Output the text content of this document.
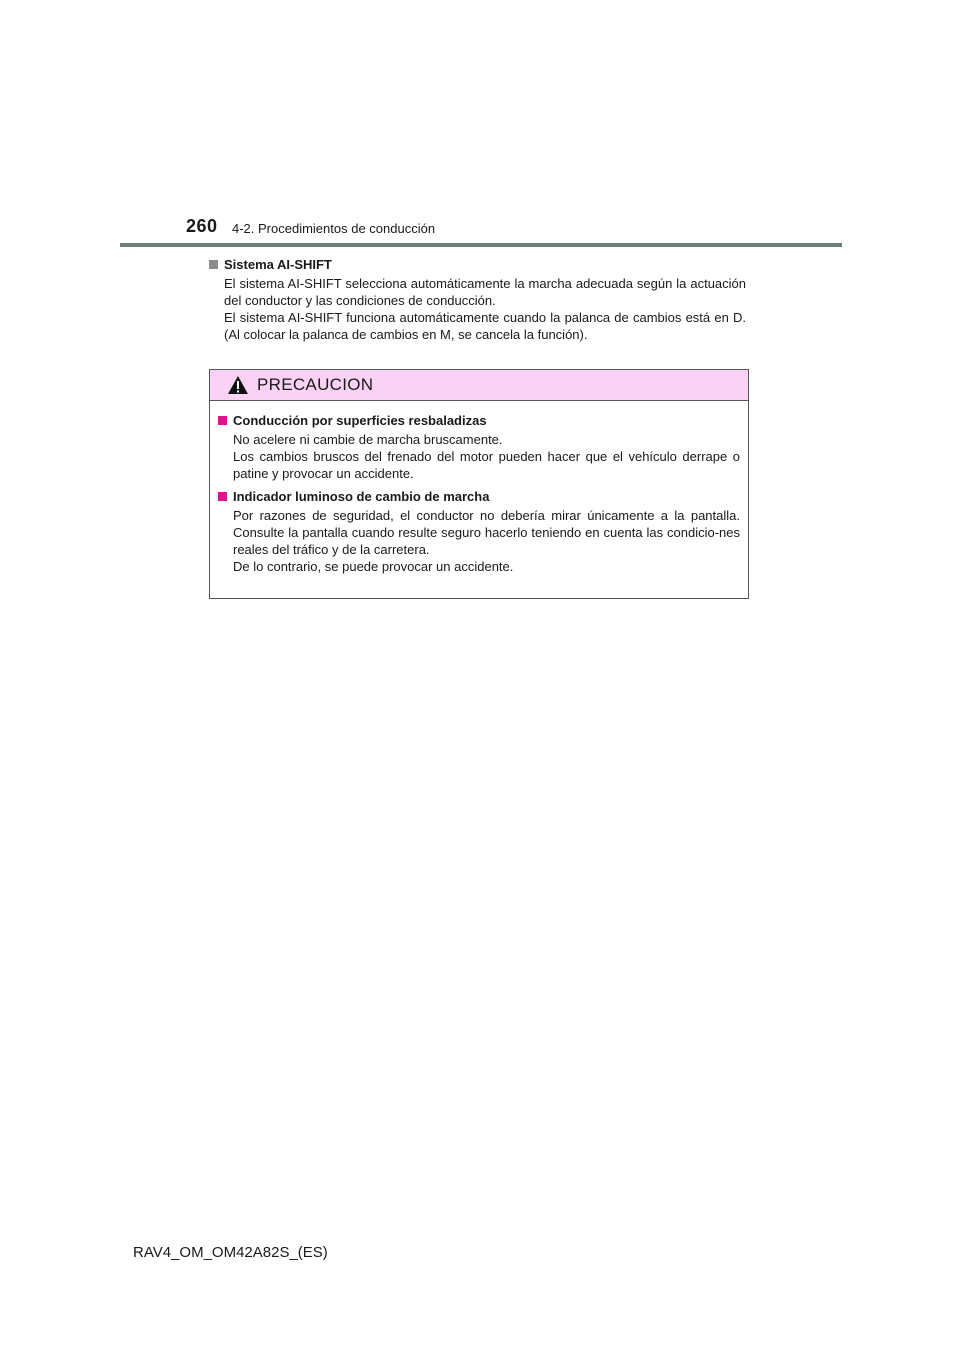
260 4-2. Procedimientos de conducción
Sistema AI-SHIFT

El sistema AI-SHIFT selecciona automáticamente la marcha adecuada según la actuación del conductor y las condiciones de conducción.

El sistema AI-SHIFT funciona automáticamente cuando la palanca de cambios está en D. (Al colocar la palanca de cambios en M, se cancela la función).

PRECAUCION
Conducción por superficies resbaladizas

No acelere ni cambie de marcha bruscamente.

Los cambios bruscos del frenado del motor pueden hacer que el vehículo derrape o patine y provocar un accidente.

Indicador luminoso de cambio de marcha

Por razones de seguridad, el conductor no debería mirar únicamente a la pantalla. Consulte la pantalla cuando resulte seguro hacerlo teniendo en cuenta las condicio-nes reales del tráfico y de la carretera.

De lo contrario, se puede provocar un accidente.

RAV4_OM_OM42A82S_(ES)
